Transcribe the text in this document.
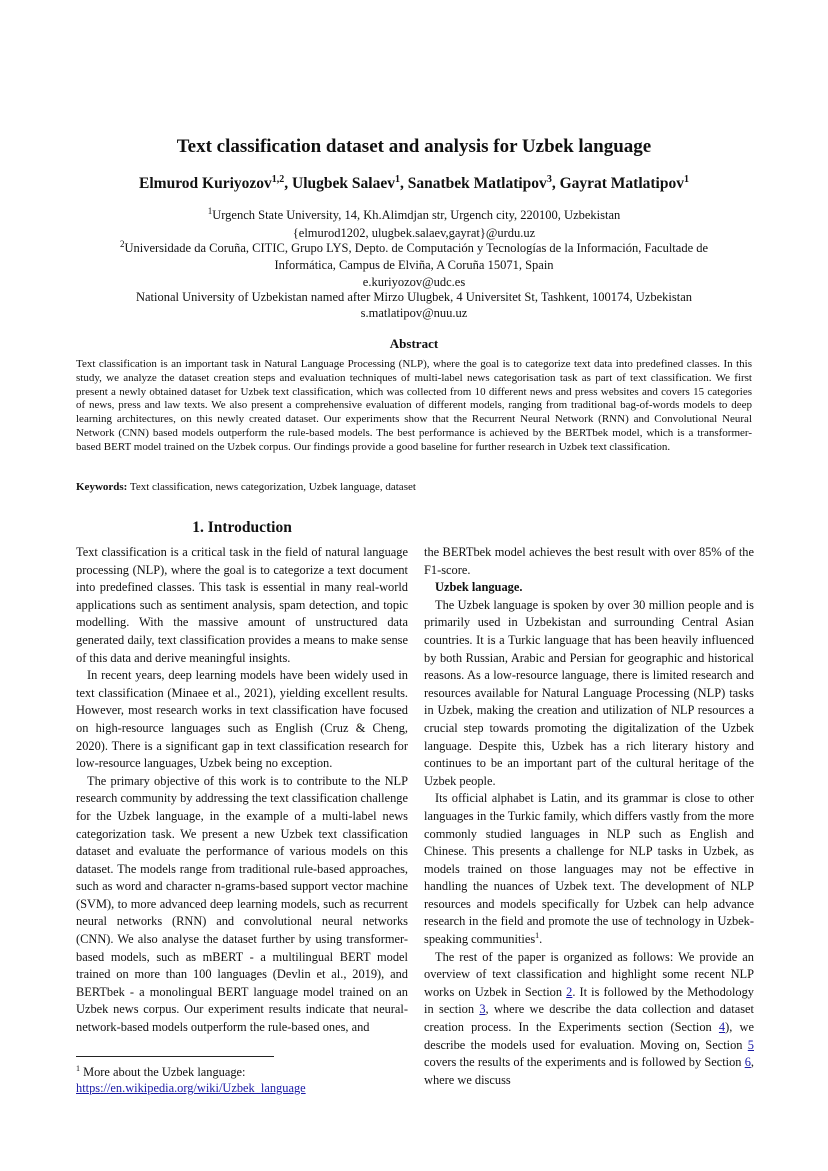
Text classification dataset and analysis for Uzbek language
Elmurod Kuriyozov$^{1,2}$, Ulugbek Salaev$^1$, Sanatbek Matlatipov$^3$, Gayrat Matlatipov$^1$
$^1$Urgench State University, 14, Kh.Alimdjan str, Urgench city, 220100, Uzbekistan
{elmurod1202, ulugbek.salaev,gayrat}@urdu.uz
$^2$Universidade da Coruña, CITIC, Grupo LYS, Depto. de Computación y Tecnologías de la Información, Facultade de
Informática, Campus de Elviña, A Coruña 15071, Spain
e.kuriyozov@udc.es
National University of Uzbekistan named after Mirzo Ulugbek, 4 Universitet St, Tashkent, 100174, Uzbekistan
s.matlatipov@nuu.uz
Abstract
Text classification is an important task in Natural Language Processing (NLP), where the goal is to categorize text data into predefined classes. In this study, we analyze the dataset creation steps and evaluation techniques of multi-label news categorisation task as part of text classification. We first present a newly obtained dataset for Uzbek text classification, which was collected from 10 different news and press websites and covers 15 categories of news, press and law texts. We also present a comprehensive evaluation of different models, ranging from traditional bag-of-words models to deep learning architectures, on this newly created dataset. Our experiments show that the Recurrent Neural Network (RNN) and Convolutional Neural Network (CNN) based models outperform the rule-based models. The best performance is achieved by the BERTbek model, which is a transformer-based BERT model trained on the Uzbek corpus. Our findings provide a good baseline for further research in Uzbek text classification.
Keywords: Text classification, news categorization, Uzbek language, dataset
1. Introduction

Text classification is a critical task in the field of natural language processing (NLP), where the goal is to categorize a text document into predefined classes. This task is essential in many real-world applications such as sentiment analysis, spam detection, and topic modelling. With the massive amount of unstructured data generated daily, text classification provides a means to make sense of this data and derive meaningful insights.

In recent years, deep learning models have been widely used in text classification (Minaee et al., 2021), yielding excellent results. However, most research works in text classification have focused on high-resource languages such as English (Cruz & Cheng, 2020). There is a significant gap in text classification research for low-resource languages, Uzbek being no exception.

The primary objective of this work is to contribute to the NLP research community by addressing the text classification challenge for the Uzbek language, in the example of a multi-label news categorization task. We present a new Uzbek text classification dataset and evaluate the performance of various models on this dataset. The models range from traditional rule-based approaches, such as word and character n-grams-based support vector machine (SVM), to more advanced deep learning models, such as recurrent neural networks (RNN) and convolutional neural networks (CNN). We also analyse the dataset further by using transformer-based models, such as mBERT - a multilingual BERT model trained on more than 100 languages (Devlin et al., 2019), and BERTbek - a monolingual BERT language model trained on an Uzbek news corpus. Our experiment results indicate that neural-network-based models outperform the rule-based ones, and

the BERTbek model achieves the best result with over 85% of the F1-score.

Uzbek language.

The Uzbek language is spoken by over 30 million people and is primarily used in Uzbekistan and surrounding Central Asian countries. It is a Turkic language that has been heavily influenced by both Russian, Arabic and Persian for geographic and historical reasons. As a low-resource language, there is limited research and resources available for Natural Language Processing (NLP) tasks in Uzbek, making the creation and utilization of NLP resources a crucial step towards promoting the digitalization of the Uzbek language. Despite this, Uzbek has a rich literary history and continues to be an important part of the cultural heritage of the Uzbek people.

Its official alphabet is Latin, and its grammar is close to other languages in the Turkic family, which differs vastly from the more commonly studied languages in NLP such as English and Chinese. This presents a challenge for NLP tasks in Uzbek, as models trained on those languages may not be effective in handling the nuances of Uzbek text. The development of NLP resources and models specifically for Uzbek can help advance research in the field and promote the use of technology in Uzbek-speaking communities$^1$.

The rest of the paper is organized as follows: We provide an overview of text classification and highlight some recent NLP works on Uzbek in Section 2. It is followed by the Methodology in section 3, where we describe the data collection and dataset creation process. In the Experiments section (Section 4), we describe the models used for evaluation. Moving on, Section 5 covers the results of the experiments and is followed by Section 6, where we discuss

$^1$ More about the Uzbek language:
https://en.wikipedia.org/wiki/Uzbek_language
